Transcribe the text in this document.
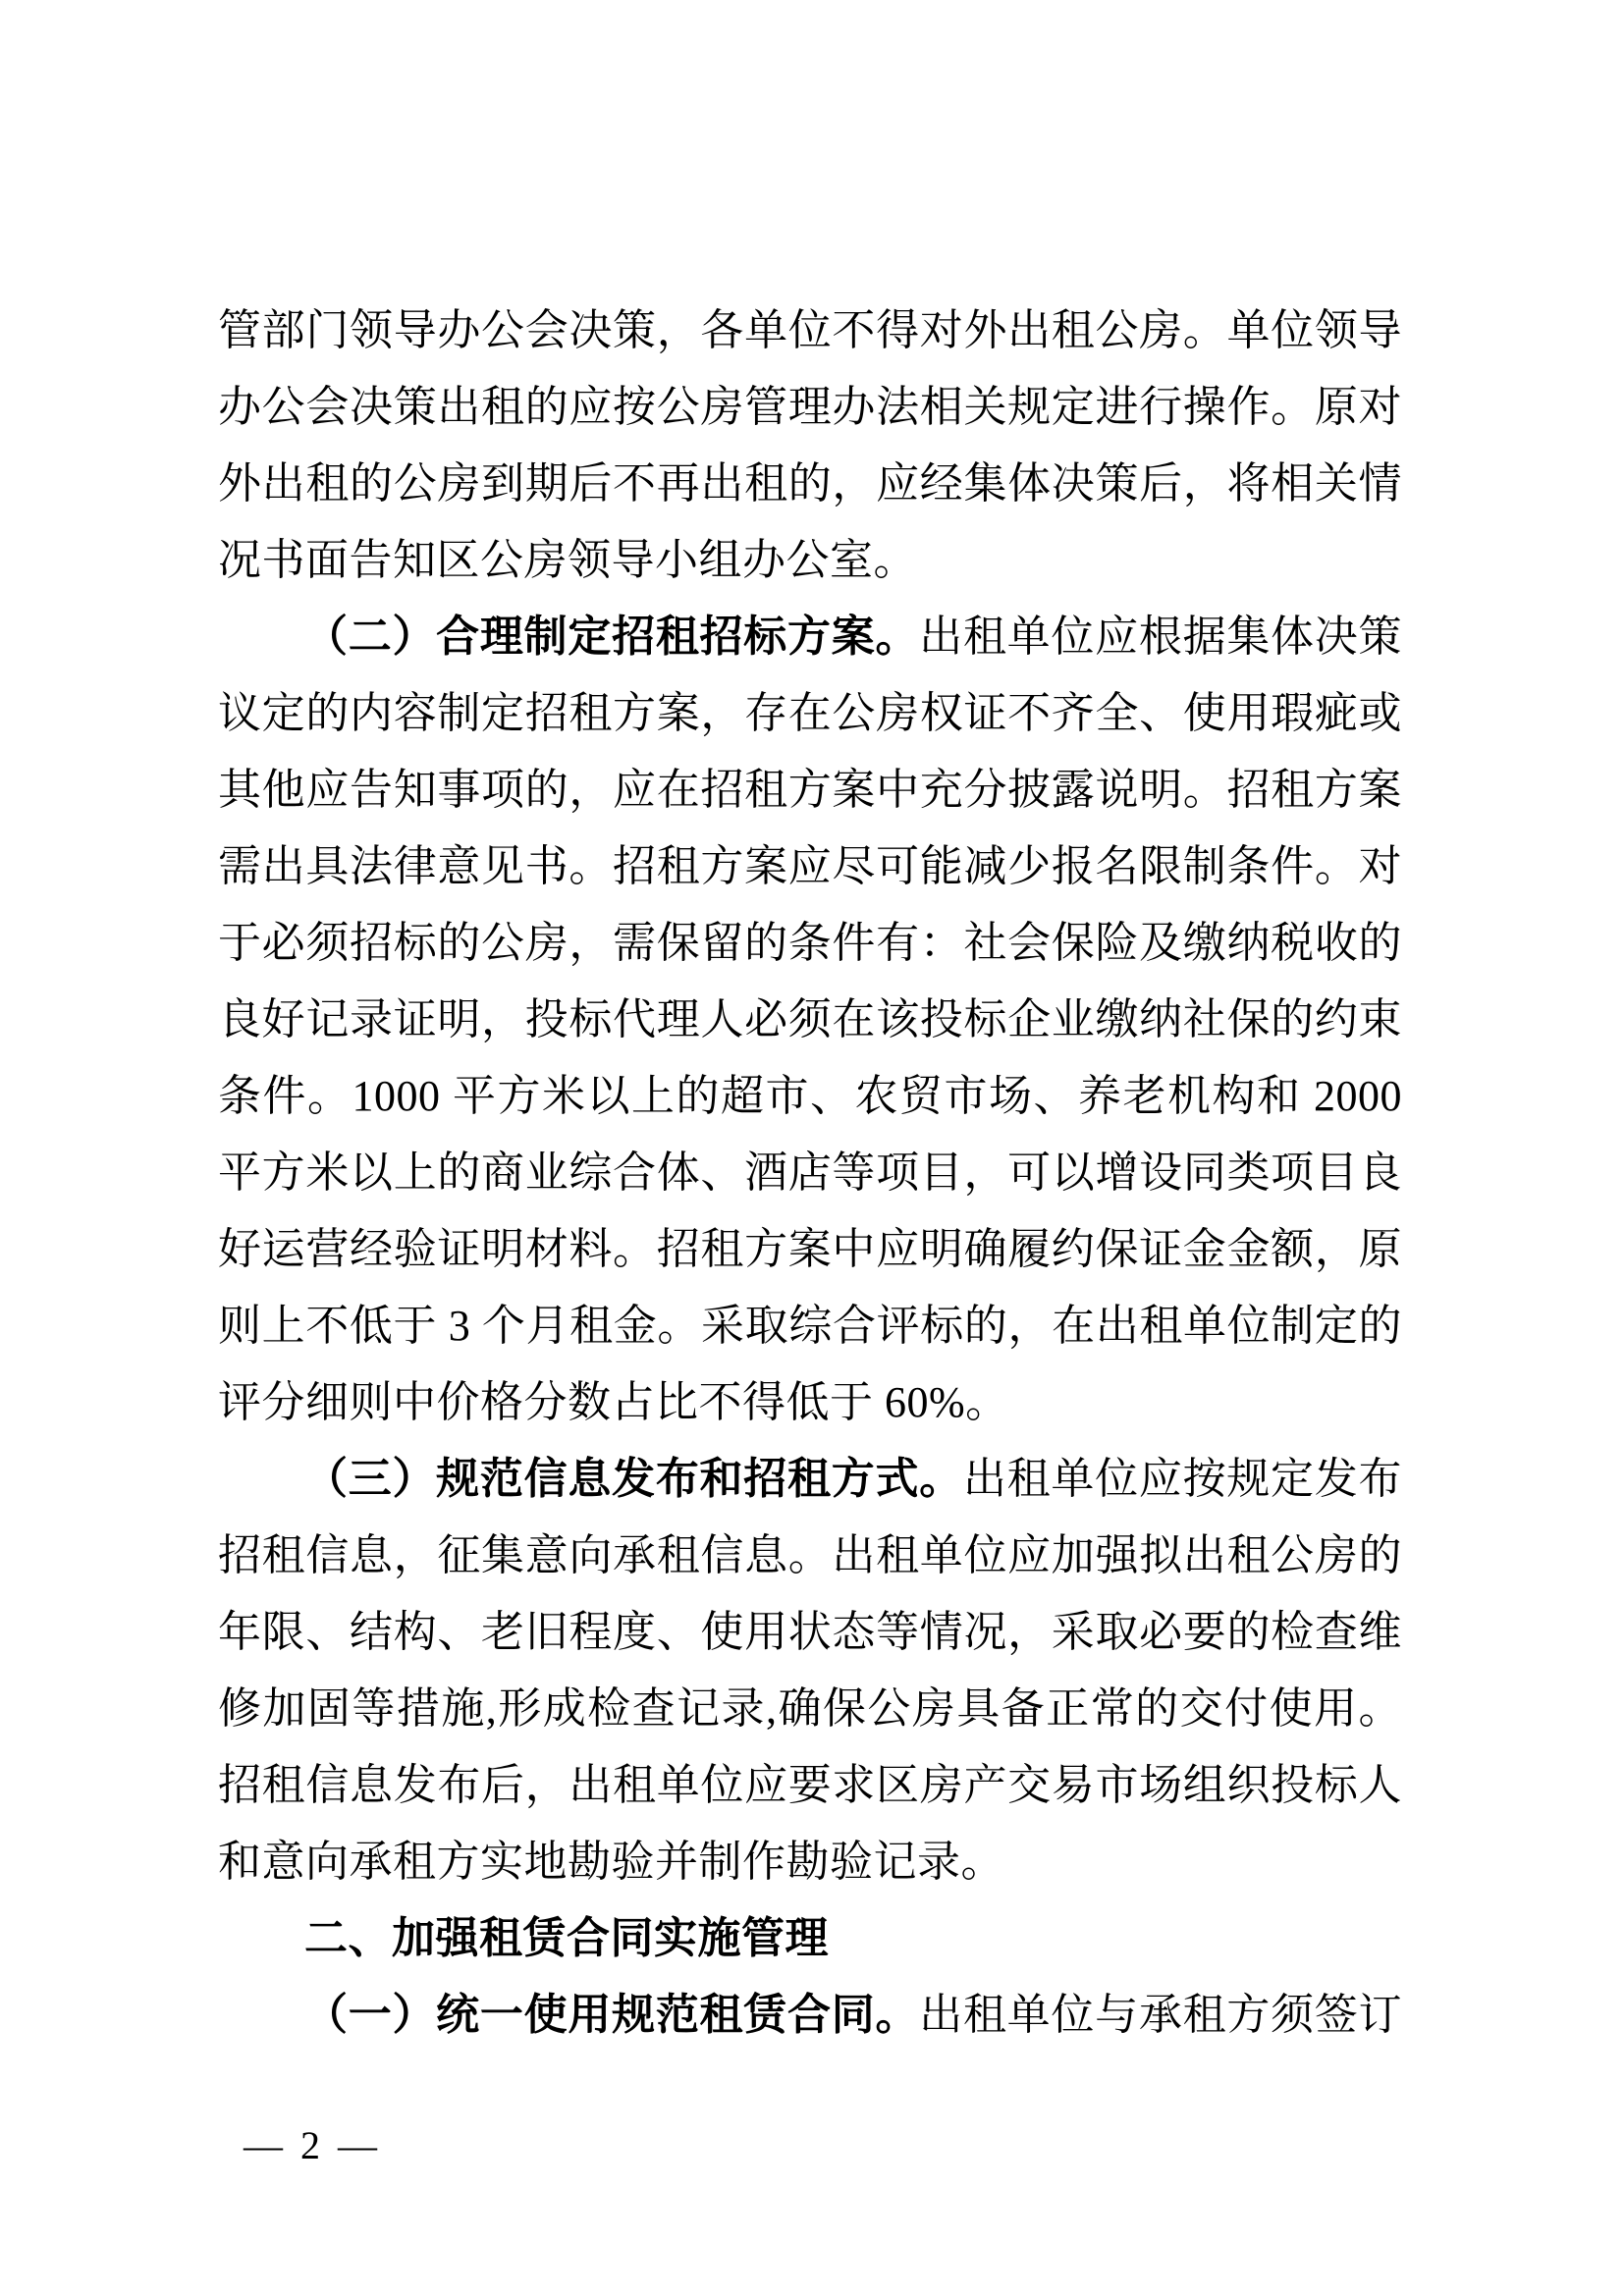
管部门领导办公会决策，各单位不得对外出租公房。单位领导
办公会决策出租的应按公房管理办法相关规定进行操作。原对
外出租的公房到期后不再出租的，应经集体决策后，将相关情
况书面告知区公房领导小组办公室。
（二）合理制定招租招标方案。出租单位应根据集体决策
议定的内容制定招租方案，存在公房权证不齐全、使用瑕疵或
其他应告知事项的，应在招租方案中充分披露说明。招租方案
需出具法律意见书。招租方案应尽可能减少报名限制条件。对
于必须招标的公房，需保留的条件有：社会保险及缴纳税收的
良好记录证明，投标代理人必须在该投标企业缴纳社保的约束
条件。1000 平方米以上的超市、农贸市场、养老机构和 2000
平方米以上的商业综合体、酒店等项目，可以增设同类项目良
好运营经验证明材料。招租方案中应明确履约保证金金额，原
则上不低于 3 个月租金。采取综合评标的，在出租单位制定的
评分细则中价格分数占比不得低于 60%。
（三）规范信息发布和招租方式。出租单位应按规定发布
招租信息，征集意向承租信息。出租单位应加强拟出租公房的
年限、结构、老旧程度、使用状态等情况，采取必要的检查维
修加固等措施,形成检查记录,确保公房具备正常的交付使用。
招租信息发布后，出租单位应要求区房产交易市场组织投标人
和意向承租方实地勘验并制作勘验记录。
二、加强租赁合同实施管理
（一）统一使用规范租赁合同。出租单位与承租方须签订
— 2 —
